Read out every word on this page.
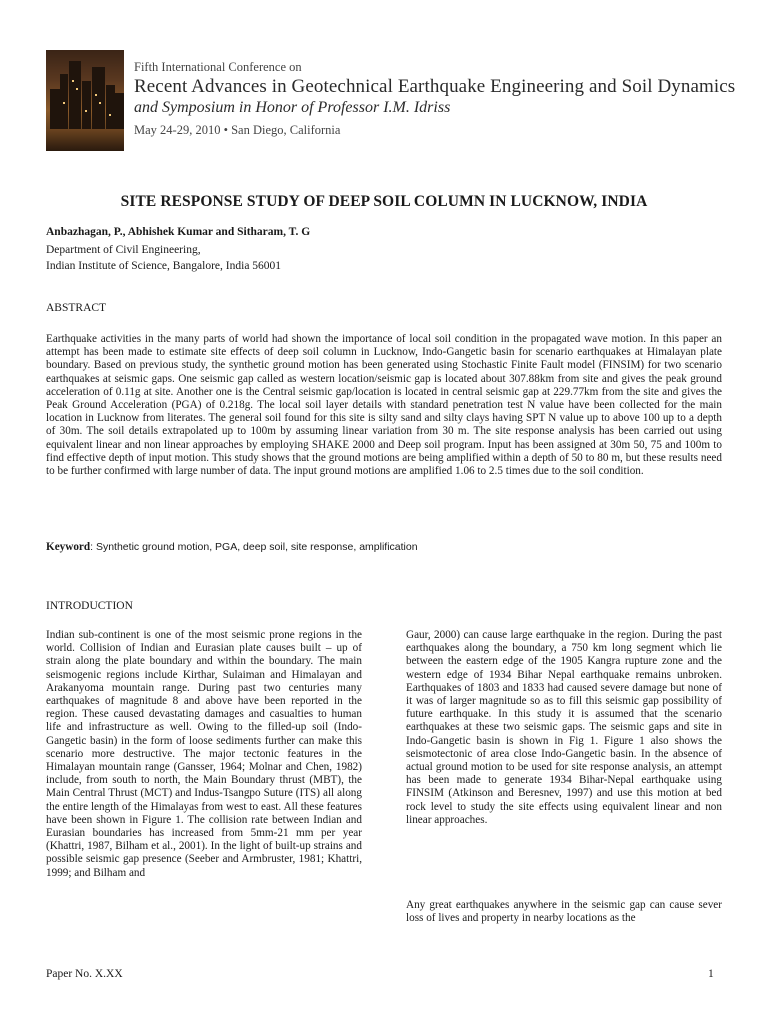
Fifth International Conference on
Recent Advances in Geotechnical Earthquake Engineering and Soil Dynamics
and Symposium in Honor of Professor I.M. Idriss
May 24-29, 2010 • San Diego, California
SITE RESPONSE STUDY OF DEEP SOIL COLUMN IN LUCKNOW, INDIA
Anbazhagan, P., Abhishek Kumar and Sitharam, T. G
Department of Civil Engineering,
Indian Institute of Science, Bangalore, India 56001
ABSTRACT
Earthquake activities in the many parts of world had shown the importance of local soil condition in the propagated wave motion. In this paper an attempt has been made to estimate site effects of deep soil column in Lucknow, Indo-Gangetic basin for scenario earthquakes at Himalayan plate boundary. Based on previous study, the synthetic ground motion has been generated using Stochastic Finite Fault model (FINSIM) for two scenario earthquakes at seismic gaps. One seismic gap called as western location/seismic gap is located about 307.88km from site and gives the peak ground acceleration of 0.11g at site. Another one is the Central seismic gap/location is located in central seismic gap at 229.77km from the site and gives the Peak Ground Acceleration (PGA) of 0.218g. The local soil layer details with standard penetration test N value have been collected for the main location in Lucknow from literates. The general soil found for this site is silty sand and silty clays having SPT N value up to above 100 up to a depth of 30m. The soil details extrapolated up to 100m by assuming linear variation from 30 m. The site response analysis has been carried out using equivalent linear and non linear approaches by employing SHAKE 2000 and Deep soil program. Input has been assigned at 30m 50, 75 and 100m to find effective depth of input motion. This study shows that the ground motions are being amplified within a depth of 50 to 80 m, but these results need to be further confirmed with large number of data. The input ground motions are amplified 1.06 to 2.5 times due to the soil condition.
Keyword: Synthetic ground motion, PGA, deep soil, site response, amplification
INTRODUCTION
Indian sub-continent is one of the most seismic prone regions in the world. Collision of Indian and Eurasian plate causes built – up of strain along the plate boundary and within the boundary. The main seismogenic regions include Kirthar, Sulaiman and Himalayan and Arakanyoma mountain range. During past two centuries many earthquakes of magnitude 8 and above have been reported in the region. These caused devastating damages and casualties to human life and infrastructure as well. Owing to the filled-up soil (Indo-Gangetic basin) in the form of loose sediments further can make this scenario more destructive. The major tectonic features in the Himalayan mountain range (Gansser, 1964; Molnar and Chen, 1982) include, from south to north, the Main Boundary thrust (MBT), the Main Central Thrust (MCT) and Indus-Tsangpo Suture (ITS) all along the entire length of the Himalayas from west to east. All these features have been shown in Figure 1. The collision rate between Indian and Eurasian boundaries has increased from 5mm-21 mm per year (Khattri, 1987, Bilham et al., 2001). In the light of built-up strains and possible seismic gap presence (Seeber and Armbruster, 1981; Khattri, 1999; and Bilham and
Gaur, 2000) can cause large earthquake in the region. During the past earthquakes along the boundary, a 750 km long segment which lie between the eastern edge of the 1905 Kangra rupture zone and the western edge of 1934 Bihar Nepal earthquake remains unbroken. Earthquakes of 1803 and 1833 had caused severe damage but none of it was of larger magnitude so as to fill this seismic gap possibility of future earthquake. In this study it is assumed that the scenario earthquakes at these two seismic gaps. The seismic gaps and site in Indo-Gangetic basin is shown in Fig 1. Figure 1 also shows the seismotectonic of area close Indo-Gangetic basin. In the absence of actual ground motion to be used for site response analysis, an attempt has been made to generate 1934 Bihar-Nepal earthquake using FINSIM (Atkinson and Beresnev, 1997) and use this motion at bed rock level to study the site effects using equivalent linear and non linear approaches.
Any great earthquakes anywhere in the seismic gap can cause sever loss of lives and property in nearby locations as the
Paper No. X.XX	1
